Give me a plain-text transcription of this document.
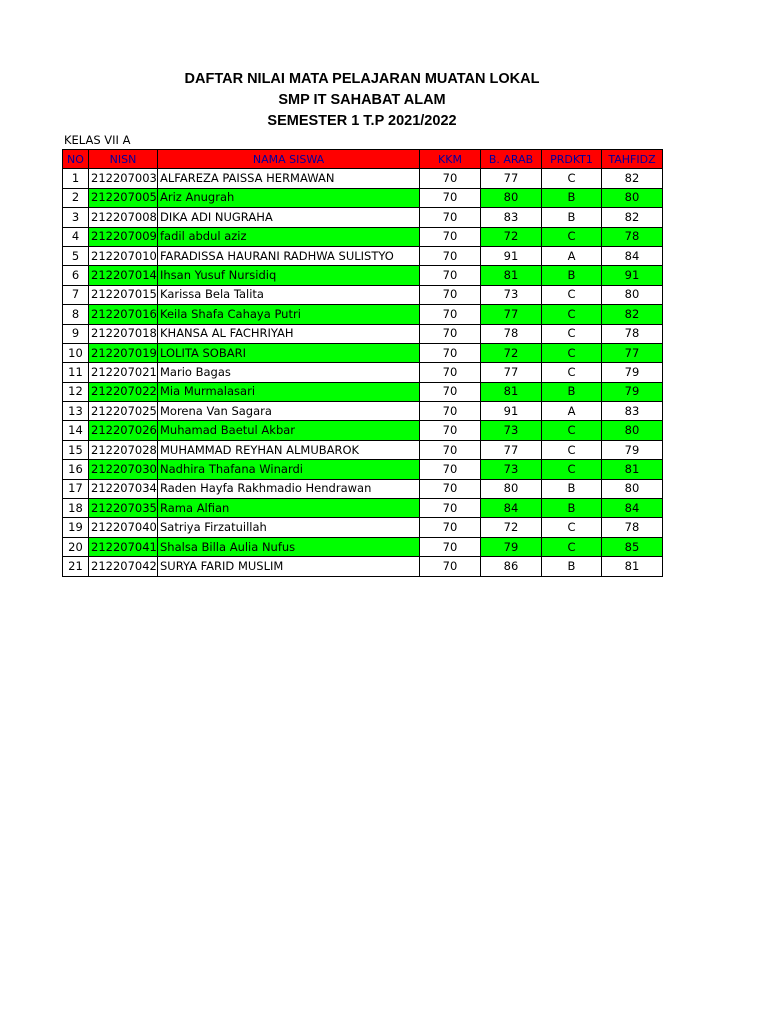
DAFTAR NILAI MATA PELAJARAN MUATAN LOKAL
SMP IT SAHABAT ALAM
SEMESTER 1 T.P 2021/2022
KELAS VII A
NO	NISN	NAMA SISWA	KKM	B. ARAB	PRDKT1	TAHFIDZ
1	212207003	ALFAREZA PAISSA HERMAWAN	70	77	C	82
2	212207005	Ariz Anugrah	70	80	B	80
3	212207008	DIKA ADI NUGRAHA	70	83	B	82
4	212207009	fadil abdul aziz	70	72	C	78
5	212207010	FARADISSA HAURANI RADHWA SULISTYO	70	91	A	84
6	212207014	Ihsan Yusuf Nursidiq	70	81	B	91
7	212207015	Karissa Bela Talita	70	73	C	80
8	212207016	Keila Shafa Cahaya Putri	70	77	C	82
9	212207018	KHANSA AL FACHRIYAH	70	78	C	78
10	212207019	LOLITA SOBARI	70	72	C	77
11	212207021	Mario Bagas	70	77	C	79
12	212207022	Mia Murmalasari	70	81	B	79
13	212207025	Morena Van Sagara	70	91	A	83
14	212207026	Muhamad Baetul Akbar	70	73	C	80
15	212207028	MUHAMMAD REYHAN ALMUBAROK	70	77	C	79
16	212207030	Nadhira Thafana Winardi	70	73	C	81
17	212207034	Raden Hayfa Rakhmadio Hendrawan	70	80	B	80
18	212207035	Rama Alfian	70	84	B	84
19	212207040	Satriya Firzatuillah	70	72	C	78
20	212207041	Shalsa Billa Aulia Nufus	70	79	C	85
21	212207042	SURYA FARID MUSLIM	70	86	B	81
